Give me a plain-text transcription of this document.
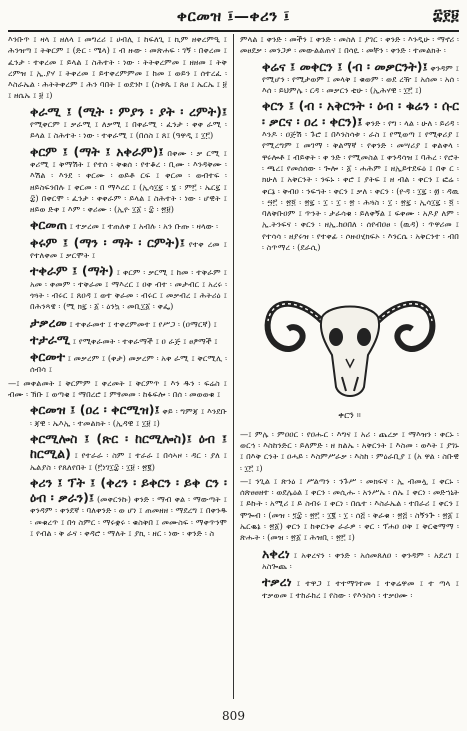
ቀርመዝ ፤—ቀሪን ፤	፰፻፱
እንቡጥ ፤ ዛላ ፤ ዘለላ ፤ መግረሪ ፤ ሀብሊ ፤ ከፍለጊ ፤ ኪም ዘቀረምዒ ፤ ሕንዝጣ ፤ ትቅርም ፤ (ድር ፡ ሜላ) ፤ ብ ዙው ፡ መጽሐፍ ፡ ገኝ ፡ በቀረመ ፤ ፈንታ ፡ ተቀረመ ፤ ይላል ፤ ስሕተት ፡ ነው ፡ ትትቀረምመ ፤ ዘዘመ ፤ ትቅ ረምዝ ፤ ኢ.ያሃ ፤ ትቀረመ ፤ ይተቀረምምመ ፤ ከመ ፤ ወይን ፤ ሰተረፈ ፡ እስራኤል ፡ ሕትትቀረም ፤ ሕን ባበት ፤ ወደንኮ ፤ (ስቱጴ ፤ ጸፀ ፤ ኤርኤ ፤ ፱ ፤ ዘሴኡ ፤ ፱ ፤)
ቀራሚ ፤ (ሚት ፡ ምያን ፡ ያት ፡ ረምት)፤ የሚቀርም ፤ ቃራሚ ፤ ለቃሚ ፤ በቀራሚ ፡ ፈንታ ፡ ቀቀ ራሚ ፡ ይላል ፤ ስሕተት ፡ ነው ፡ ተቀራሚ ፤ (በሰስ ፤ ጸ፤ (ዓዋዲ ፤ ፲፫)
ቀርም ፤ (ማት ፤ አቀራም)፤ በቀሙ ፡ ቃ ርሚ ፤ ቀሪሚ ፤ ቅማሽት ፤ የተሰ ፡ ቅቁሰ ፡ የተቆረ ፡ ቢሙ ፡ እንዳቅሙ ፡ እሽል ፡ እንደ ፡ ቀርሙ ፡ ወይቶ ርፍ ፤ ቀርመ ፡ ወብተፍ ፡ ዘይስፍንበሉ ፤ ቀርመ ፡ በ ማእረር ፤ (ኢሳ፲፯ ፡ ፮ ፡ ም፫ ፡ ኤር፯ ፤ ፰) በቀርሞ ፡ ፈንታ ፡ ቀቀራም ፡ ይላል ፤ ስሕተት ፡ ነው ፡ ሆዊት ፤ ዘይወ ድቀ ፤ እም ፡ ቀሪሙ ፡ (ኢዮ ፲፩ ፡ ፰ ፡ ፳፱)
ቀርመጠ ፤ ተቃረመ ፤ ተጠለቀ ፤ አብሉ ፡ አን ቡጡ ፡ ዛላው ፡
ቀሩም ፤ (ማን ፡ ማት ፡ ርምት)፤ የተቀ ረመ ፤ የተለቀመ ፤ ቃርሞት ፤
ተቀራም ፤ (ማት) ፤ ቀርም ፡ ቃርሚ ፤ ከመ ፡ ተቅራም ፤ አመ ፡ ቀመም ፡ ተቅራመ ፤ ማእረር ፤ ዐቀ ብተ ፡ መታብር ፤ አረሩ ፡ ጎጓት ፡ ብሩር ፤ ጸዐዳ ፤ ወተ ቅራመ ፡ ብሩር ፤ መቃብረ ፤ ሕትሪዕ ፤ በሕንጻዌ ፡ (ሚ ክ፯ ፡ ፩ ፡ ዕንኳ ፡ መቢ፲፩ ፡ ቀፌ)
ታቃረመ ፤ ተቀራመተ ፤ ተቀረምመተ ፤ የሥጋ ፡ (ዐማርኛ) ፤
ተታራሚ ፤ የሚቀራመት ፡ ተቀራማች ፤ ዐ ራጅ ፤ ፀፆማች ፤
ቀርመተ ፤ መቃረም ፤ (ቀታ) መቃረም ፡ አቀ ራሚ ፤ ቅርሚሊ ፡ ሰብሳ ፤
—፤ መቀልመት ፤ ቅርምም ፤ ቀረመት ፤ ቅርምጥ ፤ እን ዱን ፡ ፍሬስ ፤ ብሙ ፡ ኽቡ ፤ ወጣቄ ፤ ማበረሮ ፤ ምፃመመ ፡ ከፋፍሎ ፡ በሰ ፡ መወወቁ ፤
ቀርመዝ ፤ (ዐረ ፡ ቀርሚዝ)፤ ቀይ ፡ ግምጃ ፤ እንደቡ ፡ ጃዊ ፡ ኤእኢ ፡ ተመልክት ፡ (ኢዳዊ ፤ ፲፱ ፤)
ቀርሚሎስ ፤ (ጽር ፡ ከርሚሎስ)፤ ዕብ ፤ ከርሚል) ፤ የተራራ ፡ ስም ፤ ተራራ ፤ በሳኣዞ ፡ ዳር ፡ ያለ ፤ ኤልያስ ፡ የጸለየበት ፤ (፫ነገ፲፰ ፡ ፲፱ ፡ ፳፪)
ቀሪን ፤ ፕት ፤ (ቀረን ፡ ይቀርን ፡ ይቀ ርን ፡ ዕብ ፡ ቃራን)፤ (መቀርንኩ) ቀንድ ፡ ማብ ቀል ፡ ማውጣት ፤ ቀንዳም ፡ ቀንደኛ ፡ ባለቀንድ ፡ ወ ሆነ ፤ ጠመዘዘ ፡ ማደረግ ፤ በቀንዱ ፡ መቁረጥ ፤ በጎ ስምር ፡ ማሩቋሩ ፡ ቁስቅበ ፤ መሙስፍ ፡ ማቀጥንሞ ፤ የብል ፡ ቅ ራና ፡ ቀዳሮ ፡ ማለት ፤ ያኪ ፡ ዘር ፡ ነው ፡ ቀንድ ፡ ስ
ምላል ፤ ቀንድ ፡ መችን ፤ ቀንድ ፡ መስለ ፤ ያገር ፡ ቀንድ ፡ እንዲሁ ፡ ማኖሪ ፡ መፀደቃ ፡ መንጋዎ ፡ መውልልጠና ፤ በሳዪ ፡ መቸን ፡ ቀንድ ፡ ተመልክት ፡
ቀሬና ፤ መቀርን ፤ (ብ ፡ መቃርንት)፤ ቀንዳም ፤ የሚሆን ፡ የሚታወም ፤ መላቅ ፤ ቁወም ፡ ወደ ረዥ ፤ አሰመ ፡ አሰ ፡ እሰ ፡ ይህምሌ ፡ ርዳ ፡ መቃርን ቲሁ ፡ (ኢሕሃዊ ፡ ፲፫ ፤)
ቀርን ፤ (ብ ፡ አቅርንት ፡ ዕብ ፡ ቁሬን ፡ ሱር ፡ ቃርና ፡ ዐረ ፡ ቀርን)፤ ቀንድ ፡ የግ ፡ ላል ፡ ሁለ ፡ ይሪዳ ፡ እንዶ ፡ ዐጅሽ ፡ ጉሮ ፤ በእንስሳቱ ፡ ራስ ፤ የሚወጣ ፤ የሚቀሪያ ፤ የሚረግም ፤ መገማ ፡ ቅልማኛ ፡ የቀንድ ፡ መሣሪያ ፤ ቀልቀላ ፡ ዋሩሎቶ ፤ ብይቀት ፡ ቀ ንድ ፡ የሚመስል ፤ ቀንዳሳዝ ፤ ባሕረ ፡ የሮት ፡ ጫረ፤ የመሰሰው ፡ ጐሎ ፡ ፩ ፡ ሐሕም ፤ ዘኢይተደፍዕ ፤ በቀ ር ፡ ክሁለ ፤ አቅርንት ፡ ንፍኑ ፡ ቀሮ ፤ ያትፍ ፤ ዘ ብል ፡ ቀርን ፤ ፎሬ ፡ ቀርኔ ፡ ቅብዐ ፡ ንፍኀት ፡ ቀርን ፤ ቃለ ፡ ቀርን ፡ (ዮዳ ፡ ፲፯ ፡ ፴ ፡ ዳዉ ፡ ፵፫ ፡ ፳፬ ፡ ፳፯ ፡ ፲ ፡ ፲ ፡ ፳ ፡ ሕጓስ ፡ ፲ ፡ ፳፯ ፡ ኢሳ፲፯ ፡ ፬ ፡ ባለቅቡዐም ፤ ጥንት ፡ ታራሳቁ ፡ ይለቀኝል ፤ ፍቀሙ ፡ አዶያ ለም ፡ ኢ.ትንፍና ፡ ቀርን ፡ ዘኢ.ከዐበለ ፡ ሰየብዐፀ ፡ (ዉዳ) ፡ ጥዋሪመ ፤ የተሳሳ ፡ ዘያሩዝ ፡ የተቀፊ ፡ ሶዙዐሂክፍኦ ፡ እንርሴ ፡ አቅርንተ ፡ ብበ ፡ ስጥማረ ፡ (ደራሲ)
ቀርን ።
—፤ ምሌ ፡ ምዐዐር ፡ የዐሑር ፡ እግና ፤ አሪ ፡ ጨረቃ ፤ ማእዝን ፡ ቀርኑ ፡ ወርኅ ፡ እስከንድር ፡ ይለምድ ፡ ዘ ክልኤ ፡ አቅርንት ፤ እስመ ፡ ወእት ፤ ያገኑ ፤ በእቅ ርንት ፤ ዐሓይ ፡ እስምሥራቃ ፡ እስከ ፡ ምዕራቢያ ፤ (አ ዋል ፡ ስቡዊ ፡ ፲፫ ፤)
—፤ ንጊል ፤ ጽንዕ ፤ ሥልጣን ፡ ንጉሥ ፡ መክፍና ፡ ኢ ብመሏ ፤ ቀርኑ ፡ ሰጽፀፀዘተ ፡ ወደሌዕል ፤ ቀርን ፡ መሲሑ ፡ አንሥኡ ፡ ሰኡ ፤ ቀርነ ፡ መድኀኒት ፤ ይኩት ፡ አሚሪ ፤ ይ ስብሩ ፤ ቀርነ ፡ በሴተ ፡ እስራኤል ፡ ተበራሪ ፤ ቀርን ፤ ሞጐብ ፡ (መዝ ፡ ፺፰ ፡ ፳፫ ፡ ፲፪ ፡ ፲ ፡ ሰ፭ ፡ ቅራቁ ፡ ፳፭ ፡ ስኝንጕ ፡ ፳፩ ፤ ኤርቈኔ ፡ ፳፩) ቀርን ፤ ከቀርንቀ ራራዎ ፡ ቀር ፡ ፕሐዐ ዐቅ ፤ ቅርቂማማ ፡ ጽሑት ፡ (መዝ ፡ ፳፩ ፤ ሕዝቢ ፡ ፳፫ ፤)
አቀረነ ፤ አቀረናን ፡ ቀንድ ፡ አሰመጸለዐ ፡ ቀንዳም ፡ አደረገ ፤ አስጐጨ ፡
ተቃረነ ፤ ተዋጋ ፤ ተተማገተመ ፤ ተቀሬዋመ ፤ ተ ጣላ ፤ ተቃወመ ፤ ተከራከረ ፤ የስው ፡ የእንስሳ ፡ ተቃዐሙ ፡
809
